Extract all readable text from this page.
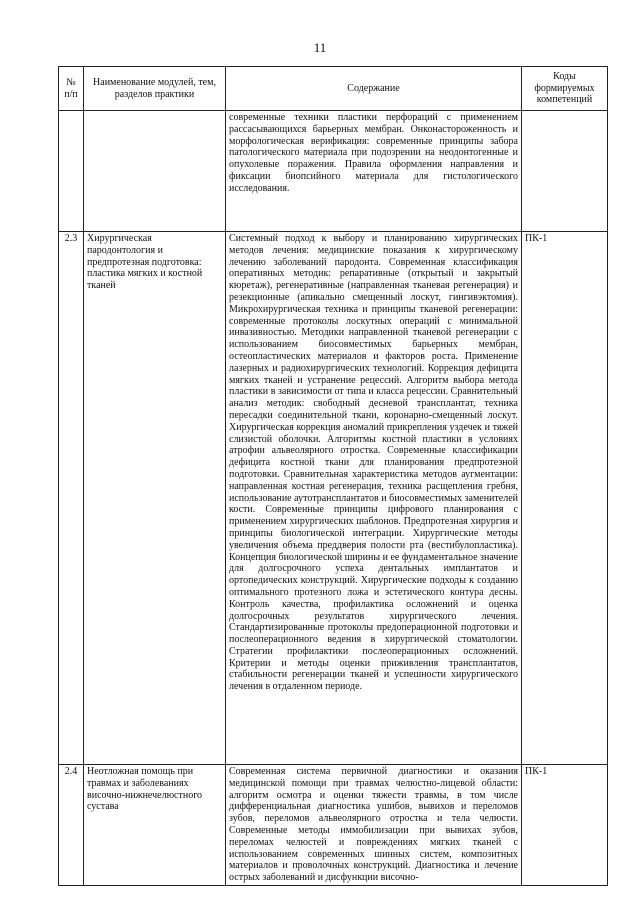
11
№ п/п	Наименование модулей, тем, разделов практики	Содержание	Коды формируемых компетенций
		современные техники пластики перфораций с применением рассасывающихся барьерных мембран. Онконастороженность и морфологическая верификация: современные принципы забора патологического материала при подозрении на неодонтогенные и опухолевые поражения. Правила оформления направления и фиксации биопсийного материала для гистологического исследования.	
2.3	Хирургическая пародонтология и предпротезная подготовка: пластика мягких и костной тканей	Системный подход к выбору и планированию хирургических методов лечения: медицинские показания к хирургическому лечению заболеваний пародонта. Современная классификация оперативных методик: репаративные (открытый и закрытый кюретаж), регенеративные (направленная тканевая регенерация) и резекционные (апикально смещенный лоскут, гингивэктомия). Микрохирургическая техника и принципы тканевой регенерации: современные протоколы лоскутных операций с минимальной инвазивностью. Методики направленной тканевой регенерации с использованием биосовместимых барьерных мембран, остеопластических материалов и факторов роста. Применение лазерных и радиохирургических технологий. Коррекция дефицита мягких тканей и устранение рецессий. Алгоритм выбора метода пластики в зависимости от типа и класса рецессии. Сравнительный анализ методик: свободный десневой трансплантат, техника пересадки соединительной ткани, коронарно-смещенный лоскут. Хирургическая коррекция аномалий прикрепления уздечек и тяжей слизистой оболочки. Алгоритмы костной пластики в условиях атрофии альвеолярного отростка. Современные классификации дефицита костной ткани для планирования предпротезной подготовки. Сравнительная характеристика методов аугментации: направленная костная регенерация, техника расщепления гребня, использование аутотрансплантатов и биосовместимых заменителей кости. Современные принципы цифрового планирования с применением хирургических шаблонов. Предпротезная хирургия и принципы биологической интеграции. Хирургические методы увеличения объема преддверия полости рта (вестибулопластика). Концепция биологической ширины и ее фундаментальное значение для долгосрочного успеха дентальных имплантатов и ортопедических конструкций. Хирургические подходы к созданию оптимального протезного ложа и эстетического контура десны. Контроль качества, профилактика осложнений и оценка долгосрочных результатов хирургического лечения. Стандартизированные протоколы предоперационной подготовки и послеоперационного ведения в хирургической стоматологии. Стратегии профилактики послеоперационных осложнений. Критерии и методы оценки приживления трансплантатов, стабильности регенерации тканей и успешности хирургического лечения в отдаленном периоде.	ПК-1
2.4	Неотложная помощь при травмах и заболеваниях височно-нижнечелюстного сустава	Современная система первичной диагностики и оказания медицинской помощи при травмах челюстно-лицевой области: алгоритм осмотра и оценки тяжести травмы, в том числе дифференциальная диагностика ушибов, вывихов и переломов зубов, переломов альвеолярного отростка и тела челюсти. Современные методы иммобилизации при вывихах зубов, переломах челюстей и повреждениях мягких тканей с использованием современных шинных систем, композитных материалов и проволочных конструкций. Диагностика и лечение острых заболеваний и дисфункции височно-	ПК-1
